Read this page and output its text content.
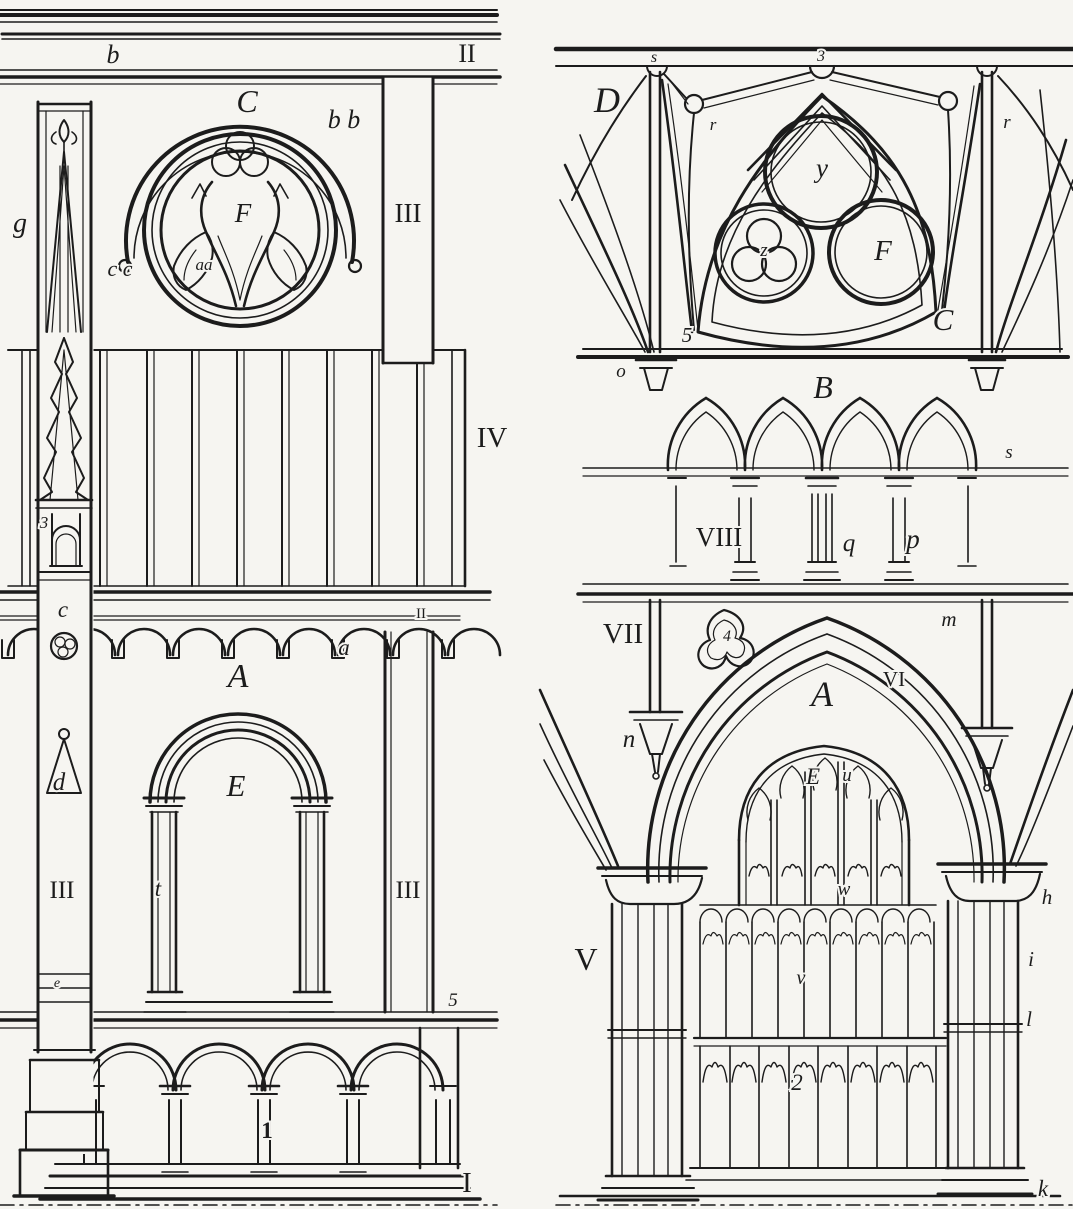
b	II
C
b b
g
c c
F
aa
III
IV
3
c	II
a
A
d	E
t
III	III
e
5
1
I
D
s	3
r	r
y
z	F
5	C
o	B
s
VIII	q p
VII	m
4
n
A VI
E u
w
v
2
V
h
i
l
k
